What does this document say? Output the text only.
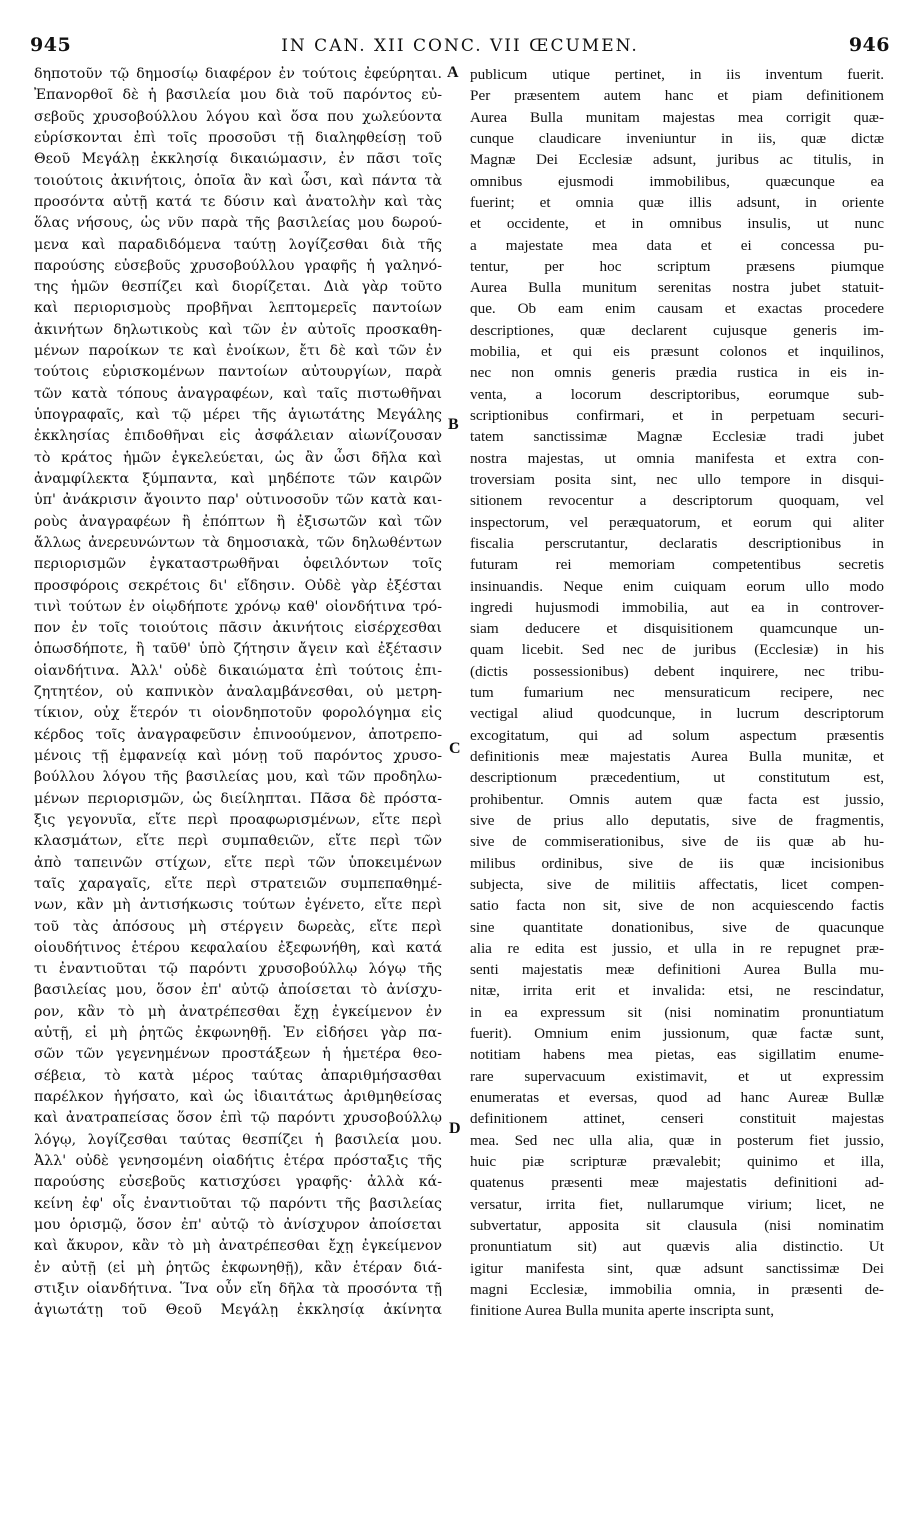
945	IN CAN. XII CONC. VII ŒCUMEN.	946
δηποτοῦν τῷ δημοσίῳ διαφέρον ἐν τούτοις ἐφεύρηται.
Ἐπανορθοῖ δὲ ἡ βασιλεία μου διὰ τοῦ παρόντος εὐ-
σεβοῦς χρυσοβούλλου λόγου καὶ ὅσα που χωλεύοντα
εὑρίσκονται ἐπὶ τοῖς προσοῦσι τῇ διαληφθείσῃ τοῦ
Θεοῦ Μεγάλῃ ἐκκλησίᾳ δικαιώμασιν, ἐν πᾶσι τοῖς
τοιούτοις ἀκινήτοις, ὁποῖα ἂν καὶ ὦσι, καὶ πάντα τὰ
προσόντα αὐτῇ κατά τε δύσιν καὶ ἀνατολὴν καὶ τὰς
ὅλας νήσους, ὡς νῦν παρὰ τῆς βασιλείας μου δωρού-
μενα καὶ παραδιδόμενα ταύτῃ λογίζεσθαι διὰ τῆς
παρούσης εὐσεβοῦς χρυσοβούλλου γραφῆς ἡ γαληνό-
της ἡμῶν θεσπίζει καὶ διορίζεται. Διὰ γὰρ τοῦτο
καὶ περιορισμοὺς προβῆναι λεπτομερεῖς παντοίων
ἀκινήτων δηλωτικοὺς καὶ τῶν ἐν αὐτοῖς προσκαθη-
μένων παροίκων τε καὶ ἐνοίκων, ἔτι δὲ καὶ τῶν ἐν
τούτοις εὑρισκομένων παντοίων αὐτουργίων, παρὰ
τῶν κατὰ τόπους ἀναγραφέων, καὶ ταῖς πιστωθῆναι
ὑπογραφαῖς, καὶ τῷ μέρει τῆς ἁγιωτάτης Μεγάλης
ἐκκλησίας ἐπιδοθῆναι εἰς ἀσφάλειαν αἰωνίζουσαν
τὸ κράτος ἡμῶν ἐγκελεύεται, ὡς ἂν ὦσι δῆλα καὶ
ἀναμφίλεκτα ξύμπαντα, καὶ μηδέποτε τῶν καιρῶν
ὑπ' ἀνάκρισιν ἄγοιντο παρ' οὑτινοσοῦν τῶν κατὰ και-
ροὺς ἀναγραφέων ἢ ἐπόπτων ἢ ἐξισωτῶν καὶ τῶν
ἄλλως ἀνερευνώντων τὰ δημοσιακὰ, τῶν δηλωθέντων
περιορισμῶν ἐγκαταστρωθῆναι ὀφειλόντων τοῖς
προσφόροις σεκρέτοις δι' εἴδησιν. Οὐδὲ γὰρ ἐξέσται
τινὶ τούτων ἐν οἱῳδήποτε χρόνῳ καθ' οἱονδήτινα τρό-
πον ἐν τοῖς τοιούτοις πᾶσιν ἀκινήτοις εἰσέρχεσθαι
ὁπωσδήποτε, ἢ ταῦθ' ὑπὸ ζήτησιν ἄγειν καὶ ἐξέτασιν
οἱανδήτινα. Ἀλλ' οὐδὲ δικαιώματα ἐπὶ τούτοις ἐπι-
ζητητέον, οὐ καπνικὸν ἀναλαμβάνεσθαι, οὐ μετρη-
τίκιον, οὐχ ἕτερόν τι οἱονδηποτοῦν φορολόγημα εἰς
κέρδος τοῖς ἀναγραφεῦσιν ἐπινοούμενον, ἀποτρεπο-
μένοις τῇ ἐμφανείᾳ καὶ μόνῃ τοῦ παρόντος χρυσο-
βούλλου λόγου τῆς βασιλείας μου, καὶ τῶν προδηλω-
μένων περιορισμῶν, ὡς διείληπται. Πᾶσα δὲ πρόστα-
ξις γεγονυῖα, εἴτε περὶ προαφωρισμένων, εἴτε περὶ
κλασμάτων, εἴτε περὶ συμπαθειῶν, εἴτε περὶ τῶν
ἀπὸ ταπεινῶν στίχων, εἴτε περὶ τῶν ὑποκειμένων
ταῖς χαραγαῖς, εἴτε περὶ στρατειῶν συμπεπαθημέ-
νων, κἂν μὴ ἀντισήκωσις τούτων ἐγένετο, εἴτε περὶ
τοῦ τὰς ἀπόσους μὴ στέργειν δωρεὰς, εἴτε περὶ
οἱουδήτινος ἑτέρου κεφαλαίου ἐξεφωνήθη, καὶ κατά
τι ἐναντιοῦται τῷ παρόντι χρυσοβούλλῳ λόγῳ τῆς
βασιλείας μου, ὅσον ἐπ' αὐτῷ ἀποίσεται τὸ ἀνίσχυ-
ρον, κἂν τὸ μὴ ἀνατρέπεσθαι ἔχῃ ἐγκείμενον ἐν
αὐτῇ, εἰ μὴ ῥητῶς ἐκφωνηθῇ. Ἐν εἰδήσει γὰρ πα-
σῶν τῶν γεγενημένων προστάξεων ἡ ἡμετέρα θεο-
σέβεια, τὸ κατὰ μέρος ταύτας ἀπαριθμήσασθαι
παρέλκον ἡγήσατο, καὶ ὡς ἰδιαιτάτως ἀριθμηθείσας
καὶ ἀνατραπείσας ὅσον ἐπὶ τῷ παρόντι χρυσοβούλλῳ
λόγῳ, λογίζεσθαι ταύτας θεσπίζει ἡ βασιλεία μου.
Ἀλλ' οὐδὲ γενησομένη οἱαδήτις ἑτέρα πρόσταξις τῆς
παρούσης εὐσεβοῦς κατισχύσει γραφῆς· ἀλλὰ κά-
κείνη ἐφ' οἷς ἐναντιοῦται τῷ παρόντι τῆς βασιλείας
μου ὁρισμῷ, ὅσον ἐπ' αὐτῷ τὸ ἀνίσχυρον ἀποίσεται
καὶ ἄκυρον, κἂν τὸ μὴ ἀνατρέπεσθαι ἔχῃ ἐγκείμενον
ἐν αὐτῇ (εἰ μὴ ῥητῶς ἐκφωνηθῇ), κἂν ἑτέραν διά-
στιξιν οἱανδήτινα. Ἵνα οὖν εἴη δῆλα τὰ προσόντα τῇ
ἁγιωτάτῃ τοῦ Θεοῦ Μεγάλῃ ἐκκλησίᾳ ἀκίνητα
publicum utique pertinet, in iis inventum fuerit.
Per præsentem autem hanc et piam definitionem
Aurea Bulla munitam majestas mea corrigit quæ-
cunque claudicare inveniuntur in iis, quæ dictæ
Magnæ Dei Ecclesiæ adsunt, juribus ac titulis, in
omnibus ejusmodi immobilibus, quæcunque ea
fuerint; et omnia quæ illis adsunt, in oriente
et occidente, et in omnibus insulis, ut nunc
a majestate mea data et ei concessa pu-
tentur, per hoc scriptum præsens piumque
Aurea Bulla munitum serenitas nostra jubet statuit-
que. Ob eam enim causam et exactas procedere
descriptiones, quæ declarent cujusque generis im-
mobilia, et qui eis præsunt colonos et inquilinos,
nec non omnis generis prædia rustica in eis in-
venta, a locorum descriptoribus, eorumque sub-
scriptionibus confirmari, et in perpetuam securi-
tatem sanctissimæ Magnæ Ecclesiæ tradi jubet
nostra majestas, ut omnia manifesta et extra con-
troversiam posita sint, nec ullo tempore in disqui-
sitionem revocentur a descriptorum quoquam, vel
inspectorum, vel peræquatorum, et eorum qui aliter
fiscalia perscrutantur, declaratis descriptionibus in
futuram rei memoriam competentibus secretis
insinuandis. Neque enim cuiquam eorum ullo modo
ingredi hujusmodi immobilia, aut ea in controver-
siam deducere et disquisitionem quamcunque un-
quam licebit. Sed nec de juribus (Ecclesiæ) in his
(dictis possessionibus) debent inquirere, nec tribu-
tum fumarium nec mensuraticum recipere, nec
vectigal aliud quodcunque, in lucrum descriptorum
excogitatum, qui ad solum aspectum præsentis
definitionis meæ majestatis Aurea Bulla munitæ, et
descriptionum præcedentium, ut constitutum est,
prohibentur. Omnis autem quæ facta est jussio,
sive de prius allo deputatis, sive de fragmentis,
sive de commiserationibus, sive de iis quæ ab hu-
milibus ordinibus, sive de iis quæ incisionibus
subjecta, sive de militiis affectatis, licet compen-
satio facta non sit, sive de non acquiescendo factis
sine quantitate donationibus, sive de quacunque
alia re edita est jussio, et ulla in re repugnet præ-
senti majestatis meæ definitioni Aurea Bulla mu-
nitæ, irrita erit et invalida: etsi, ne rescindatur,
in ea expressum sit (nisi nominatim pronuntiatum
fuerit). Omnium enim jussionum, quæ factæ sunt,
notitiam habens mea pietas, eas sigillatim enume-
rare supervacuum existimavit, et ut expressim
enumeratas et eversas, quod ad hanc Aureæ Bullæ
definitionem attinet, censeri constituit majestas
mea. Sed nec ulla alia, quæ in posterum fiet jussio,
huic piæ scripturæ prævalebit; quinimo et illa,
quatenus præsenti meæ majestatis definitioni ad-
versatur, irrita fiet, nullarumque virium; licet, ne
subvertatur, apposita sit clausula (nisi nominatim
pronuntiatum sit) aut quævis alia distinctio. Ut
igitur manifesta sint, quæ adsunt sanctissimæ Dei
magni Ecclesiæ, immobilia omnia, in præsenti de-
finitione Aurea Bulla munita aperte inscripta sunt,
A
B
C
D
